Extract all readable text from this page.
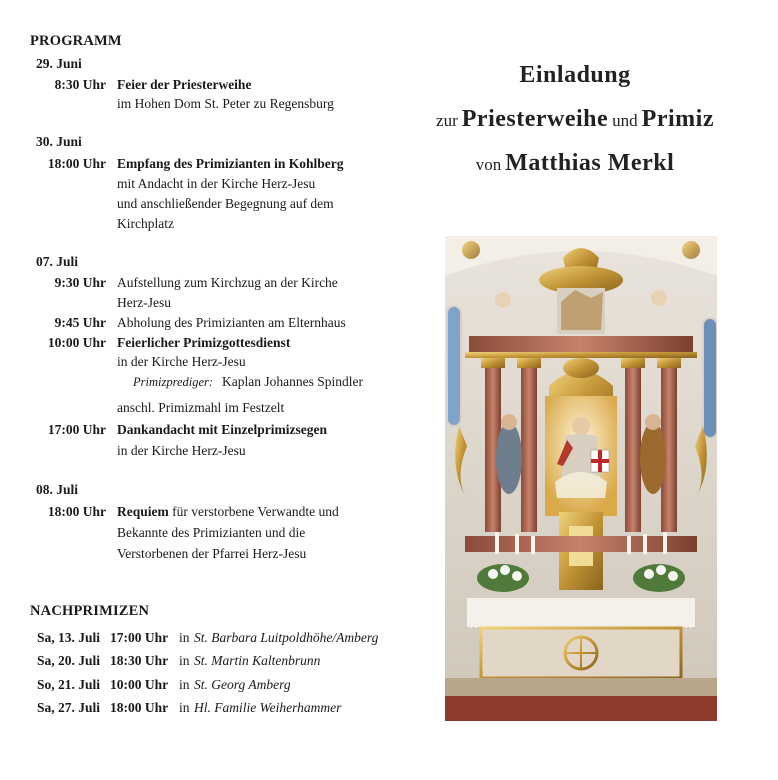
PROGRAMM
29. Juni
8:30 Uhr Feier der Priesterweihe
im Hohen Dom St. Peter zu Regensburg
30. Juni
18:00 Uhr Empfang des Primizianten in Kohlberg
mit Andacht in der Kirche Herz-Jesu
und anschließender Begegnung auf dem
Kirchplatz
07. Juli
9:30 Uhr Aufstellung zum Kirchzug an der Kirche
Herz-Jesu
9:45 Uhr Abholung des Primizianten am Elternhaus
10:00 Uhr Feierlicher Primizgottesdienst
in der Kirche Herz-Jesu
Primizprediger: Kaplan Johannes Spindler
anschl. Primizmahl im Festzelt
17:00 Uhr Dankandacht mit Einzelprimizsegen
in der Kirche Herz-Jesu
08. Juli
18:00 Uhr Requiem für verstorbene Verwandte und
Bekannte des Primizianten und die
Verstorbenen der Pfarrei Herz-Jesu
NACHPRIMIZEN
Sa, 13. Juli 17:00 Uhr in St. Barbara Luitpoldhöhe/Amberg
Sa, 20. Juli 18:30 Uhr in St. Martin Kaltenbrunn
So, 21. Juli 10:00 Uhr in St. Georg Amberg
Sa, 27. Juli 18:00 Uhr in Hl. Familie Weiherhammer
Einladung
zur Priesterweihe und Primiz
von Matthias Merkl
